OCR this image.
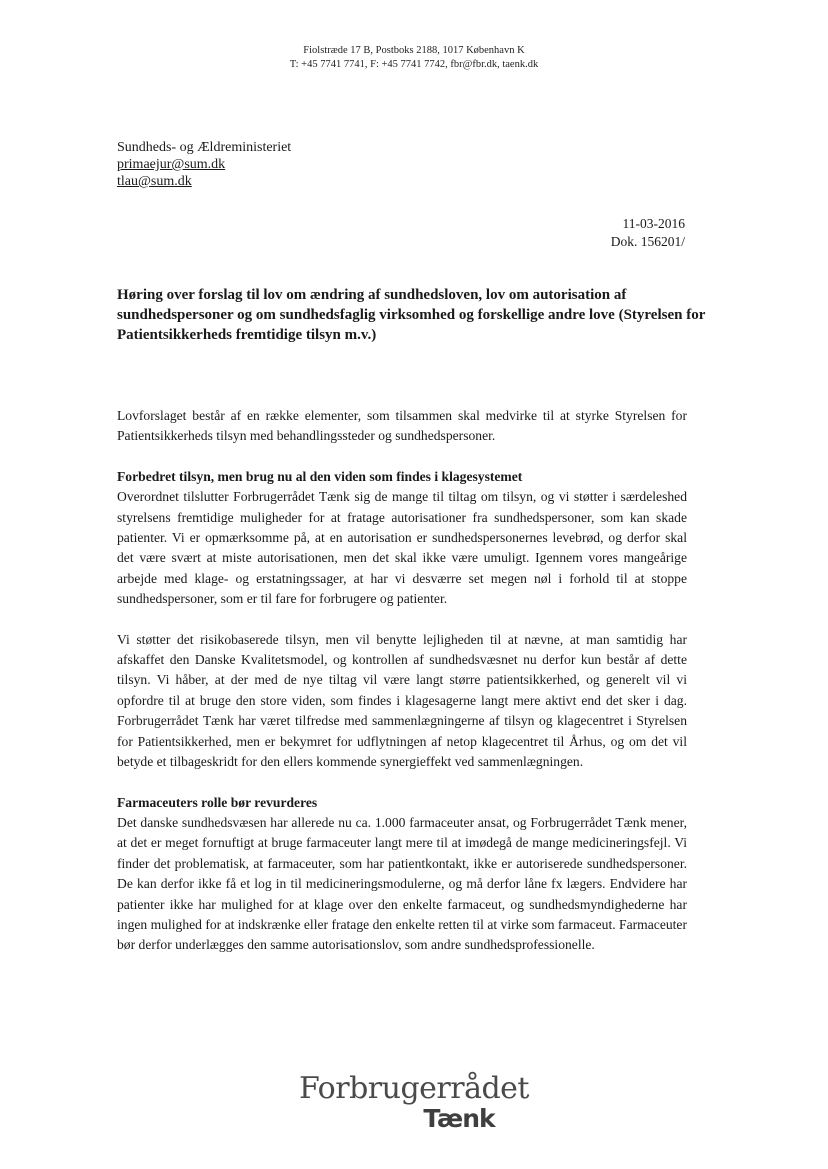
Fiolstræde 17 B, Postboks 2188, 1017 København K
T: +45 7741 7741, F: +45 7741 7742, fbr@fbr.dk, taenk.dk
Sundheds- og Ældreministeriet
primaejur@sum.dk
tlau@sum.dk
11-03-2016
Dok. 156201/
Høring over forslag til lov om ændring af sundhedsloven, lov om autorisation af sundhedspersoner og om sundhedsfaglig virksomhed og forskellige andre love (Styrelsen for Patientsikkerheds fremtidige tilsyn m.v.)

Lovforslaget består af en række elementer, som tilsammen skal medvirke til at styrke Styrelsen for Patientsikkerheds tilsyn med behandlingssteder og sundhedspersoner.

Forbedret tilsyn, men brug nu al den viden som findes i klagesystemet

Overordnet tilslutter Forbrugerrådet Tænk sig de mange til tiltag om tilsyn, og vi støtter i særdeleshed styrelsens fremtidige muligheder for at fratage autorisationer fra sundhedspersoner, som kan skade patienter. Vi er opmærksomme på, at en autorisation er sundhedspersonernes levebrød, og derfor skal det være svært at miste autorisationen, men det skal ikke være umuligt. Igennem vores mangeårige arbejde med klage- og erstatningssager, at har vi desværre set megen nøl i forhold til at stoppe sundhedspersoner, som er til fare for forbrugere og patienter.

Vi støtter det risikobaserede tilsyn, men vil benytte lejligheden til at nævne, at man samtidig har afskaffet den Danske Kvalitetsmodel, og kontrollen af sundhedsvæsnet nu derfor kun består af dette tilsyn. Vi håber, at der med de nye tiltag vil være langt større patientsikkerhed, og generelt vil vi opfordre til at bruge den store viden, som findes i klagesagerne langt mere aktivt end det sker i dag. Forbrugerrådet Tænk har været tilfredse med sammenlægningerne af tilsyn og klagecentret i Styrelsen for Patientsikkerhed, men er bekymret for udflytningen af netop klagecentret til Århus, og om det vil betyde et tilbageskridt for den ellers kommende synergieffekt ved sammenlægningen.

Farmaceuters rolle bør revurderes

Det danske sundhedsvæsen har allerede nu ca. 1.000 farmaceuter ansat, og Forbrugerrådet Tænk mener, at det er meget fornuftigt at bruge farmaceuter langt mere til at imødegå de mange medicineringsfejl. Vi finder det problematisk, at farmaceuter, som har patientkontakt, ikke er autoriserede sundhedspersoner. De kan derfor ikke få et log in til medicineringsmodulerne, og må derfor låne fx lægers. Endvidere har patienter ikke har mulighed for at klage over den enkelte farmaceut, og sundhedsmyndighederne har ingen mulighed for at indskrænke eller fratage den enkelte retten til at virke som farmaceut. Farmaceuter bør derfor underlægges den samme autorisationslov, som andre sundhedsprofessionelle.

Forbrugerrådet
Tænk
